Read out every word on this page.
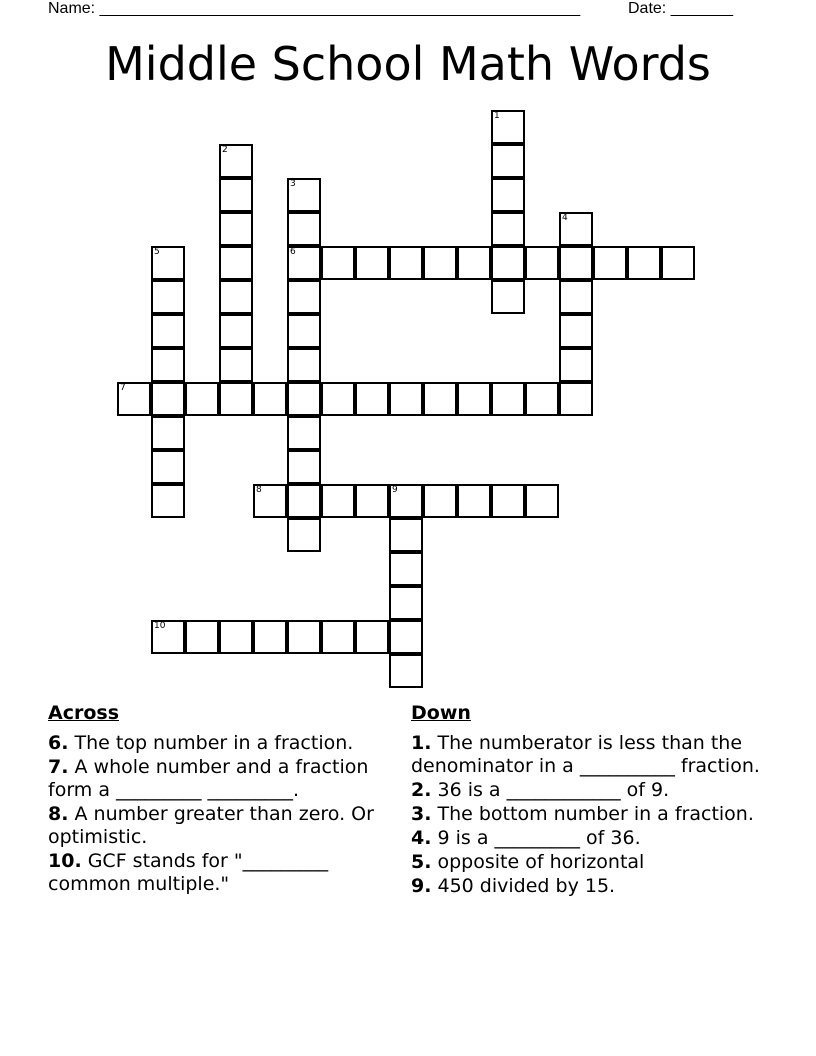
Name: ______________________________________________________	Date: _______
Middle School Math Words
1
2
3
6
4
5
7
8	9
10
Across
6. The top number in a fraction.
7. A whole number and a fraction form a _________ _________.
8. A number greater than zero. Or optimistic.
10. GCF stands for "_________ common multiple."
Down
1. The numberator is less than the denominator in a __________ fraction.
2. 36 is a ____________ of 9.
3. The bottom number in a fraction.
4. 9 is a _________ of 36.
5. opposite of horizontal
9. 450 divided by 15.
